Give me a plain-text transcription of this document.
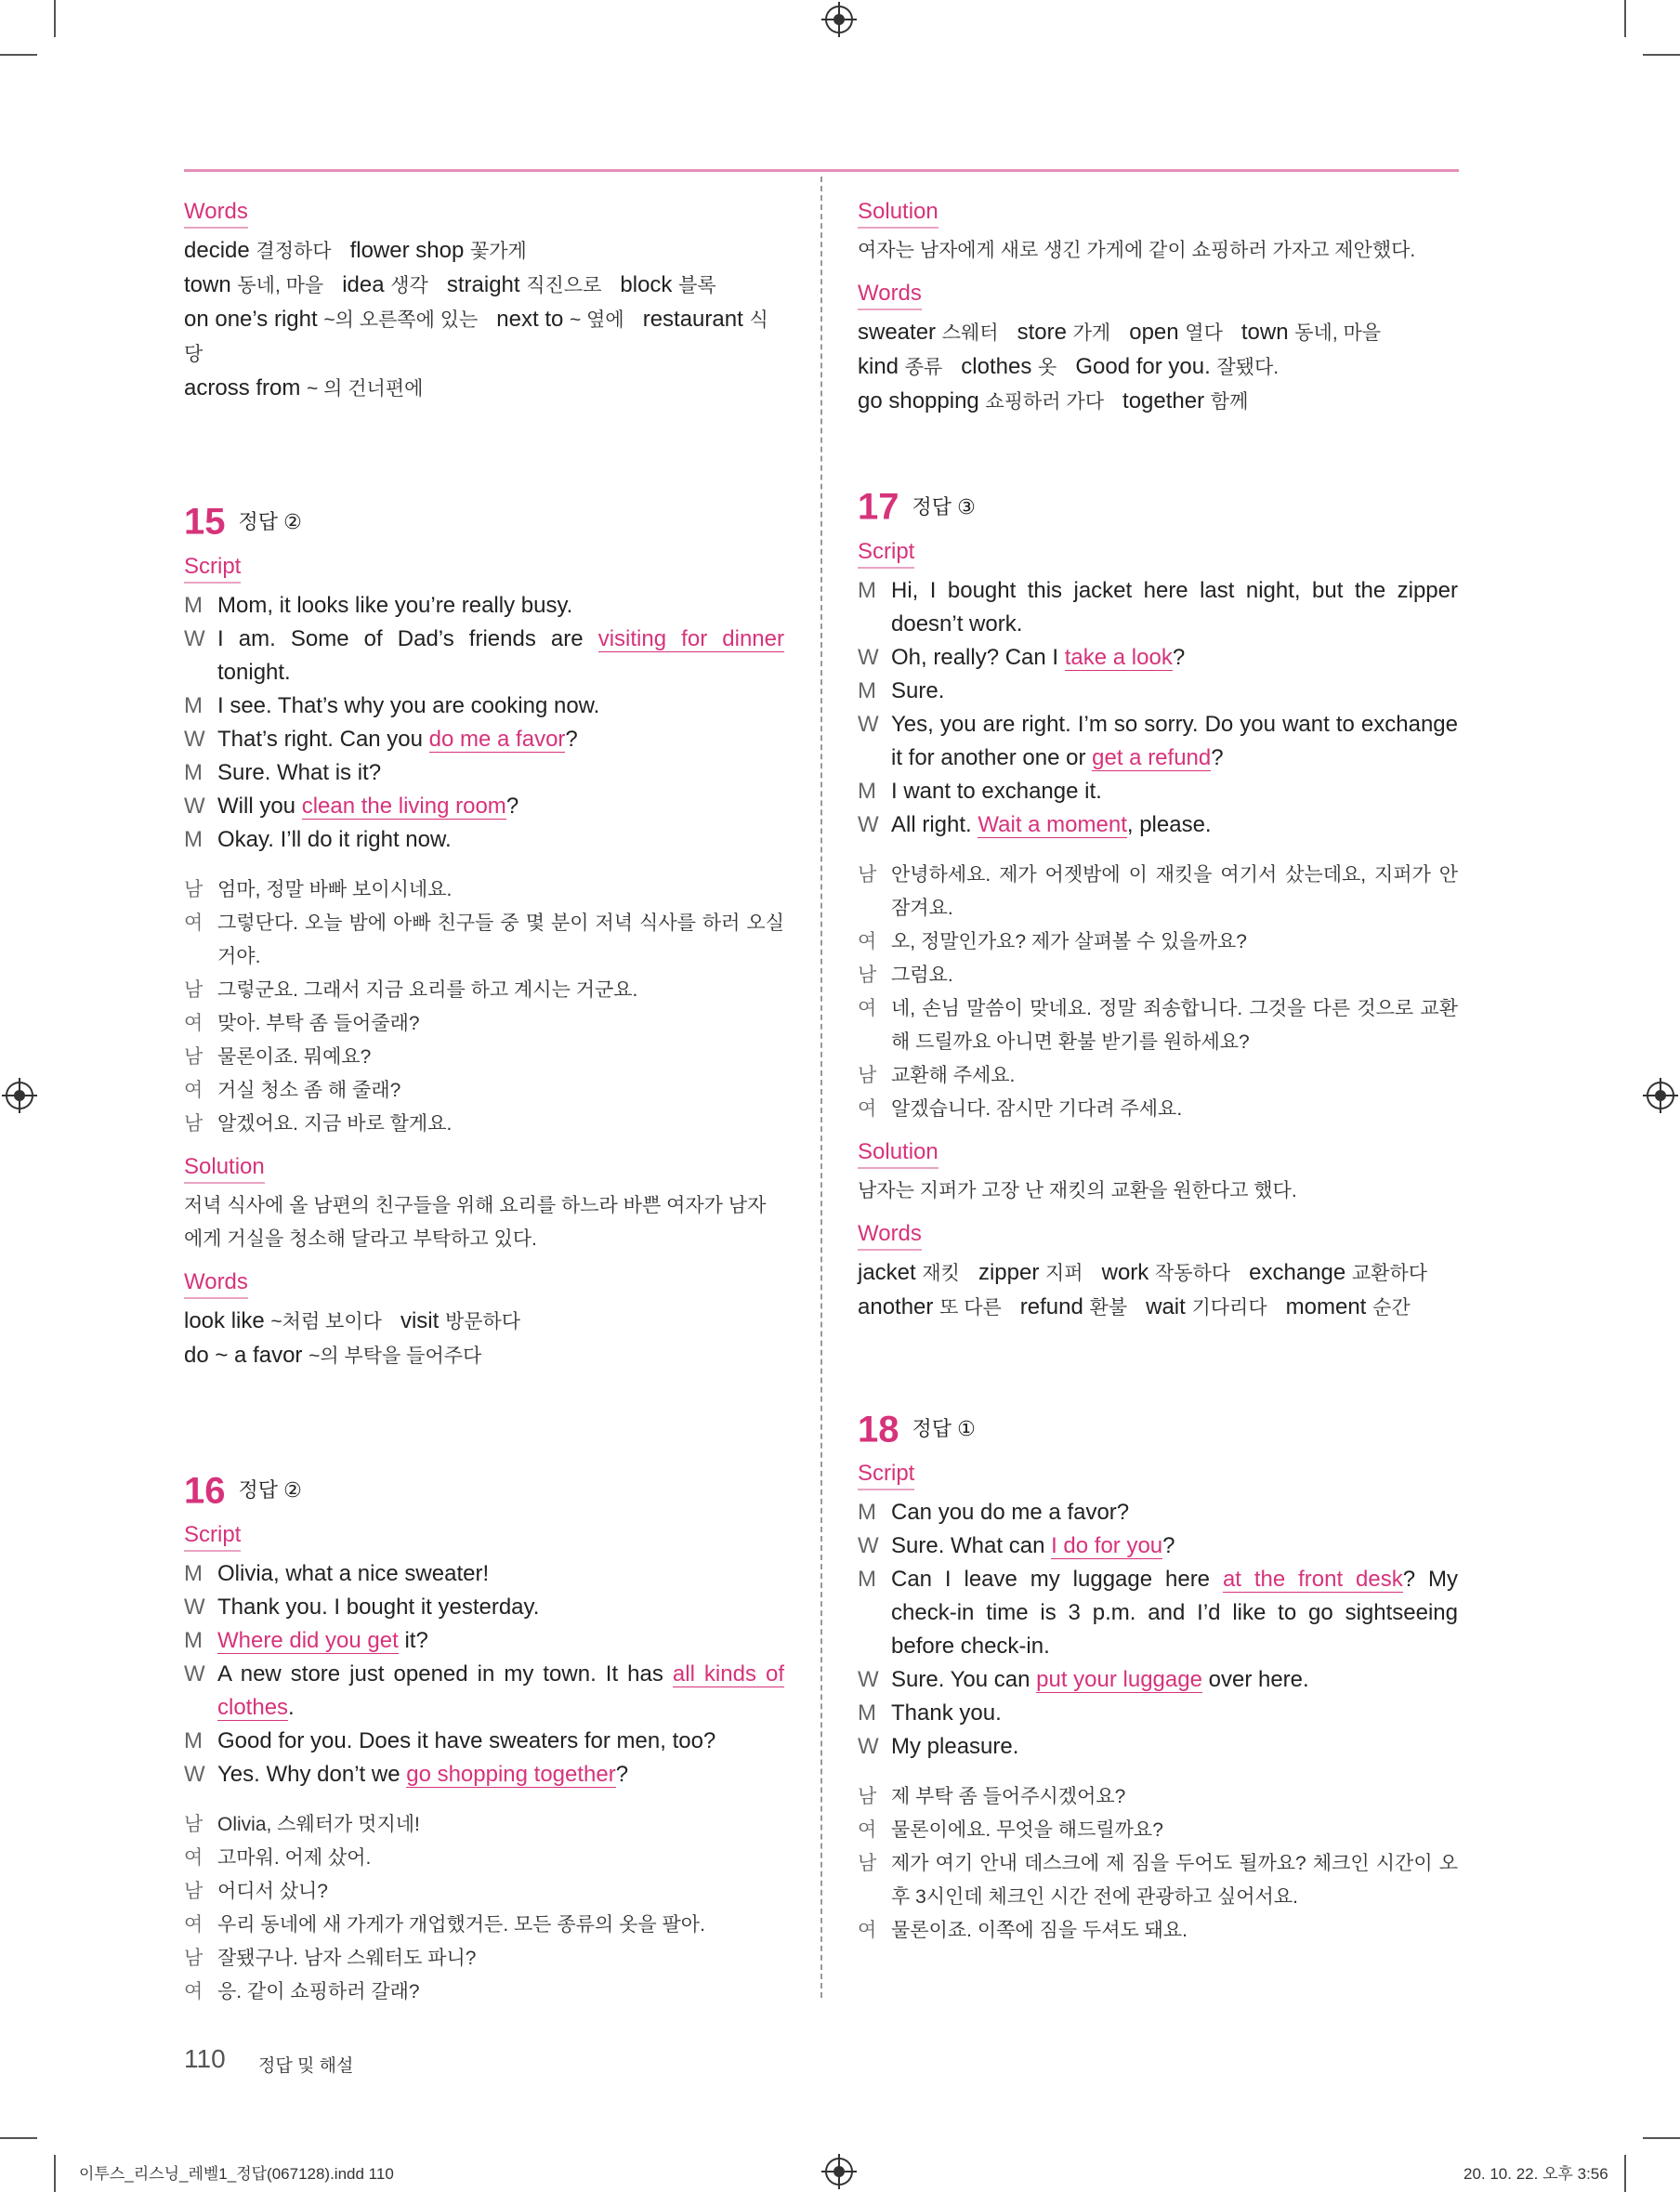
Words
decide 결정하다 flower shop 꽃가게
town 동네, 마을 idea 생각 straight 직진으로 block 블록
on one’s right ~의 오른쪽에 있는 next to ~ 옆에 restaurant 식당
across from ~ 의 건너편에
15 정답 ②
Script
M Mom, it looks like you’re really busy.
W I am. Some of Dad’s friends are visiting for dinner tonight.
M I see. That’s why you are cooking now.
W That’s right. Can you do me a favor?
M Sure. What is it?
W Will you clean the living room?
M Okay. I’ll do it right now.
남 엄마, 정말 바빠 보이시네요.
여 그렇단다. 오늘 밤에 아빠 친구들 중 몇 분이 저녁 식사를 하러 오실 거야.
남 그렇군요. 그래서 지금 요리를 하고 계시는 거군요.
여 맞아. 부탁 좀 들어줄래?
남 물론이죠. 뭐예요?
여 거실 청소 좀 해 줄래?
남 알겠어요. 지금 바로 할게요.
Solution
저녁 식사에 올 남편의 친구들을 위해 요리를 하느라 바쁜 여자가 남자에게 거실을 청소해 달라고 부탁하고 있다.
Words
look like ~처럼 보이다 visit 방문하다
do ~ a favor ~의 부탁을 들어주다
16 정답 ②
Script
M Olivia, what a nice sweater!
W Thank you. I bought it yesterday.
M Where did you get it?
W A new store just opened in my town. It has all kinds of clothes.
M Good for you. Does it have sweaters for men, too?
W Yes. Why don’t we go shopping together?
남 Olivia, 스웨터가 멋지네!
여 고마워. 어제 샀어.
남 어디서 샀니?
여 우리 동네에 새 가게가 개업했거든. 모든 종류의 옷을 팔아.
남 잘됐구나. 남자 스웨터도 파니?
여 응. 같이 쇼핑하러 갈래?
Solution
여자는 남자에게 새로 생긴 가게에 같이 쇼핑하러 가자고 제안했다.
Words
sweater 스웨터 store 가게 open 열다 town 동네, 마을
kind 종류 clothes 옷 Good for you. 잘됐다.
go shopping 쇼핑하러 가다 together 함께
17 정답 ③
Script
M Hi, I bought this jacket here last night, but the zipper doesn’t work.
W Oh, really? Can I take a look?
M Sure.
W Yes, you are right. I’m so sorry. Do you want to exchange it for another one or get a refund?
M I want to exchange it.
W All right. Wait a moment, please.
남 안녕하세요. 제가 어젯밤에 이 재킷을 여기서 샀는데요, 지퍼가 안 잠겨요.
여 오, 정말인가요? 제가 살펴볼 수 있을까요?
남 그럼요.
여 네, 손님 말씀이 맞네요. 정말 죄송합니다. 그것을 다른 것으로 교환해 드릴까요 아니면 환불 받기를 원하세요?
남 교환해 주세요.
여 알겠습니다. 잠시만 기다려 주세요.
Solution
남자는 지퍼가 고장 난 재킷의 교환을 원한다고 했다.
Words
jacket 재킷 zipper 지퍼 work 작동하다 exchange 교환하다
another 또 다른 refund 환불 wait 기다리다 moment 순간
18 정답 ①
Script
M Can you do me a favor?
W Sure. What can I do for you?
M Can I leave my luggage here at the front desk? My check-in time is 3 p.m. and I’d like to go sightseeing before check-in.
W Sure. You can put your luggage over here.
M Thank you.
W My pleasure.
남 제 부탁 좀 들어주시겠어요?
여 물론이에요. 무엇을 해드릴까요?
남 제가 여기 안내 데스크에 제 짐을 두어도 될까요? 체크인 시간이 오후 3시인데 체크인 시간 전에 관광하고 싶어서요.
여 물론이죠. 이쪽에 짐을 두셔도 돼요.
110 정답 및 해설
이투스_리스닝_레벨1_정답(067128).indd 110	20. 10. 22. 오후 3:56
